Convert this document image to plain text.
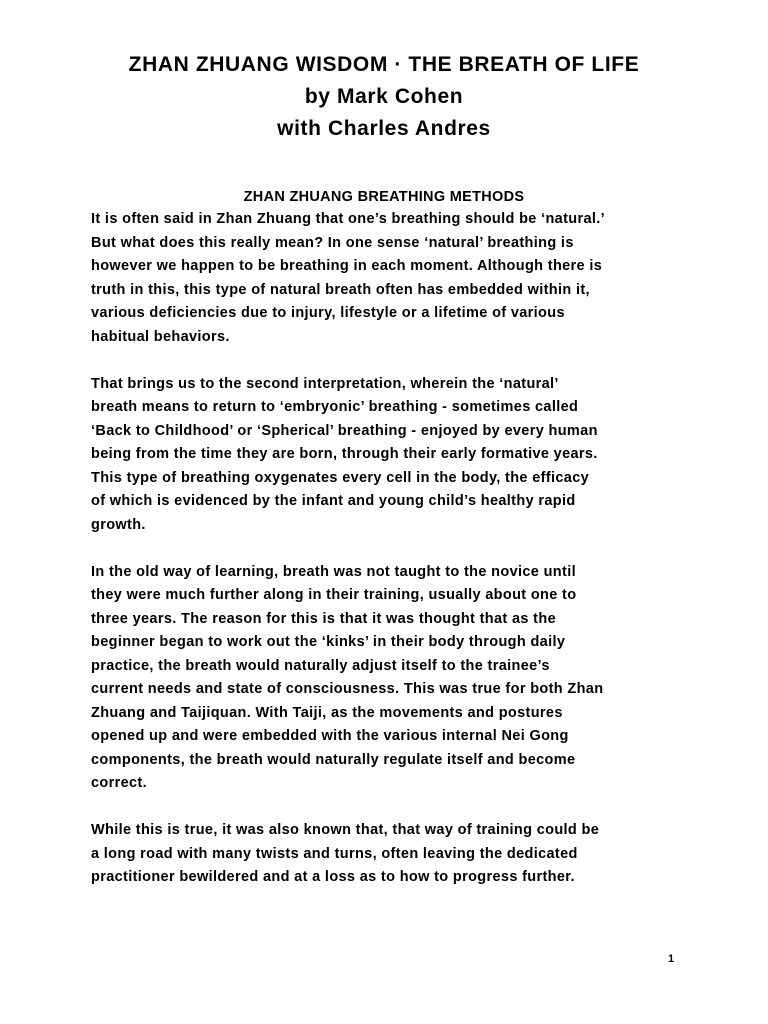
ZHAN ZHUANG WISDOM · THE BREATH OF LIFE
by Mark Cohen
with Charles Andres
ZHAN ZHUANG BREATHING METHODS
It is often said in Zhan Zhuang that one’s breathing should be ‘natural.’
But what does this really mean? In one sense ‘natural’ breathing is
however we happen to be breathing in each moment. Although there is
truth in this, this type of natural breath often has embedded within it,
various deficiencies due to injury, lifestyle or a lifetime of various
habitual behaviors.
That brings us to the second interpretation, wherein the ‘natural’
breath means to return to ‘embryonic’ breathing - sometimes called
‘Back to Childhood’ or ‘Spherical’ breathing - enjoyed by every human
being from the time they are born, through their early formative years.
This type of breathing oxygenates every cell in the body, the efficacy
of which is evidenced by the infant and young child’s healthy rapid
growth.
In the old way of learning, breath was not taught to the novice until
they were much further along in their training, usually about one to
three years. The reason for this is that it was thought that as the
beginner began to work out the ‘kinks’ in their body through daily
practice, the breath would naturally adjust itself to the trainee’s
current needs and state of consciousness. This was true for both Zhan
Zhuang and Taijiquan. With Taiji, as the movements and postures
opened up and were embedded with the various internal Nei Gong
components, the breath would naturally regulate itself and become
correct.
While this is true, it was also known that, that way of training could be
a long road with many twists and turns, often leaving the dedicated
practitioner bewildered and at a loss as to how to progress further.
1
